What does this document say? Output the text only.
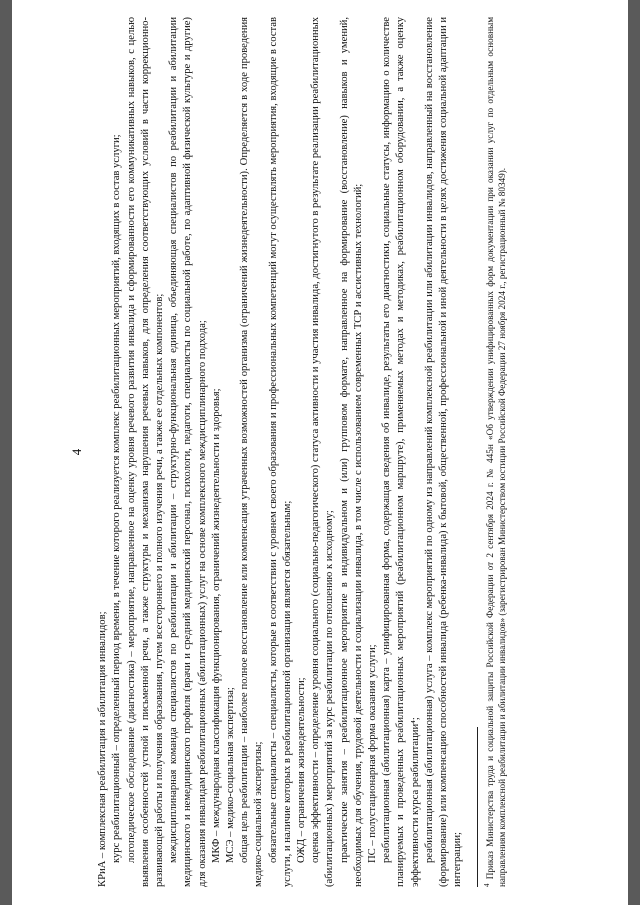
4

КРиА – комплексная реабилитация и абилитация инвалидов; курс реабилитационный – определенный период времени, в течение которого реализуется комплекс реабилитационных мероприятий, входящих в состав услуги; логопедическое обследование (диагностика) – мероприятие, направленное на оценку уровня речевого развития инвалида и сформированности его коммуникативных навыков, с целью выявления особенностей устной и письменной речи, а также структуры и механизма нарушения речевых навыков, для определения соответствующих условий в части коррекционно-развивающей работы и получения образования, путем всестороннего и полного изучения речи, а также ее отдельных компонентов; междисциплинарная команда специалистов по реабилитации и абилитации – структурно-функциональная единица, объединяющая специалистов по реабилитации и абилитации медицинского и немедицинского профиля (врачи и средний медицинский персонал, психологи, педагоги, специалисты по социальной работе, по адаптивной физической культуре и другие) для оказания инвалидам реабилитационных (абилитационных) услуг на основе комплексного междисциплинарного подхода; МКФ – международная классификация функционирования, ограничений жизнедеятельности и здоровья; МСЭ – медико-социальная экспертиза; общая цель реабилитации – наиболее полное восстановление или компенсация утраченных возможностей организма (ограничений жизнедеятельности). Определяется в ходе проведения медико-социальной экспертизы; обязательные специалисты – специалисты, которые в соответствии с уровнем своего образования и профессиональных компетенций могут осуществлять мероприятия, входящие в состав услуги, и наличие которых в реабилитационной организации является обязательным; ОЖД – ограничения жизнедеятельности; оценка эффективности – определение уровня социального (социально-педагогического) статуса активности и участия инвалида, достигнутого в результате реализации реабилитационных (абилитационных) мероприятий за курс реабилитации по отношению к исходному; практические занятия – реабилитационное мероприятие в индивидуальном и (или) групповом формате, направленное на формирование (восстановление) навыков и умений, необходимых для обучения, трудовой деятельности и социализации инвалида, в том числе с использованием современных ТСР и ассистивных технологий; ПС – полустационарная форма оказания услуги; реабилитационная (абилитационная) карта – унифицированная форма, содержащая сведения об инвалиде, результаты его диагностики, социальные статусы, информацию о количестве планируемых и проведенных реабилитационных мероприятий (реабилитационном маршруте), применяемых методах и методиках, реабилитационном оборудовании, а также оценку эффективности курса реабилитации⁴; реабилитационная (абилитационная) услуга – комплекс мероприятий по одному из направлений комплексной реабилитации или абилитации инвалидов, направленный на восстановление (формирование) или компенсацию способностей инвалида (ребенка-инвалида) к бытовой, общественной, профессиональной и иной деятельности в целях достижения социальной адаптации и интеграции;	$^4$ Приказ Министерства труда и социальной защиты Российской Федерации от 2 сентября 2024 г. № 445н «Об утверждении унифицированных форм документации при оказании услуг по отдельным основным направлениям комплексной реабилитации и абилитации инвалидов» (зарегистрирован Министерством юстиции Российской Федерации 27 ноября 2024 г., регистрационный № 80349).
